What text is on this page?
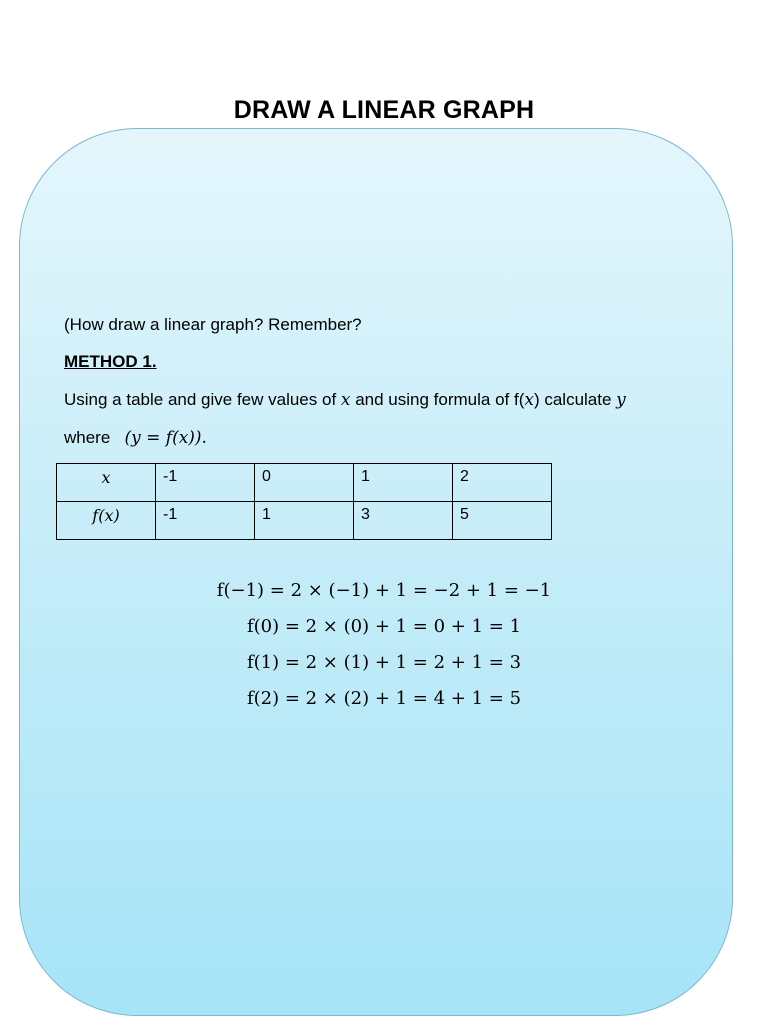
DRAW A LINEAR GRAPH
(How draw a linear graph? Remember?
METHOD 1.
Using a table and give few values of x and using formula of f(x) calculate y
where (y = f(x)).
x	-1	0	1	2
f(x)	-1	1	3	5
f(−1) = 2 × (−1) + 1 = −2 + 1 = −1
f(0) = 2 × (0) + 1 = 0 + 1 = 1
f(1) = 2 × (1) + 1 = 2 + 1 = 3
f(2) = 2 × (2) + 1 = 4 + 1 = 5
